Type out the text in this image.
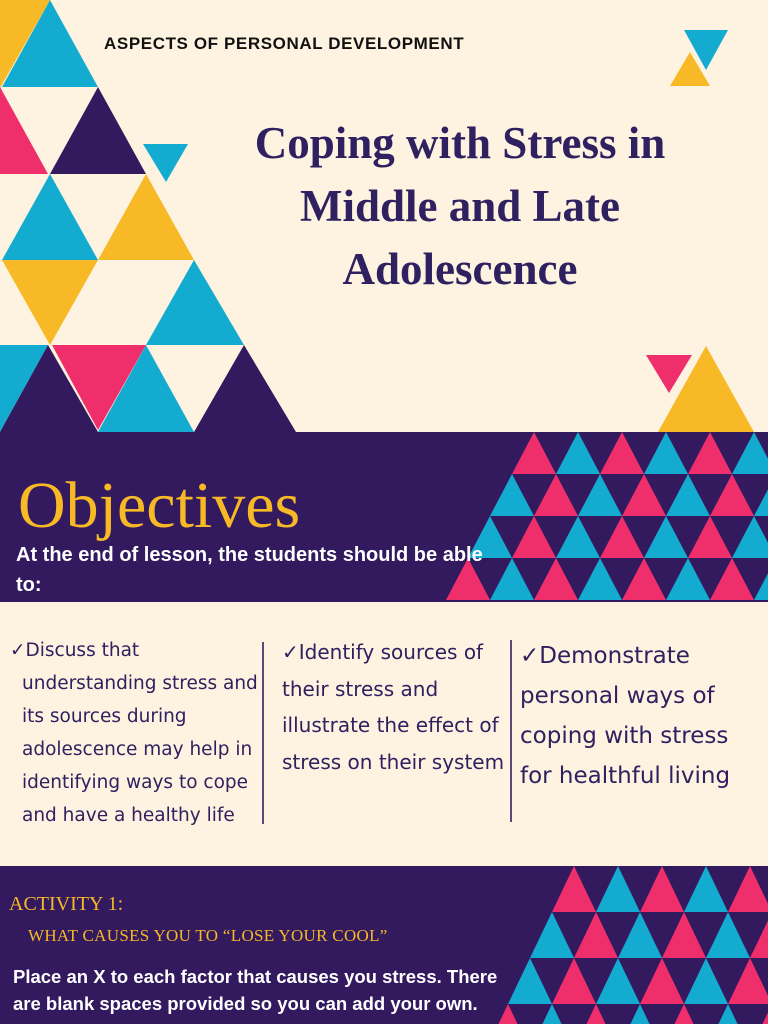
ASPECTS OF PERSONAL DEVELOPMENT
Coping with Stress in
Middle and Late
Adolescence
Objectives
At the end of lesson, the students should be able to:

✓Discuss that understanding stress and its sources during adolescence may help in identifying ways to cope and have a healthy life

✓Identify sources of their stress and illustrate the effect of stress on their system

✓Demonstrate personal ways of coping with stress for healthful living

ACTIVITY 1:
WHAT CAUSES YOU TO “LOSE YOUR COOL”
Place an X to each factor that causes you stress. There are blank spaces provided so you can add your own.
